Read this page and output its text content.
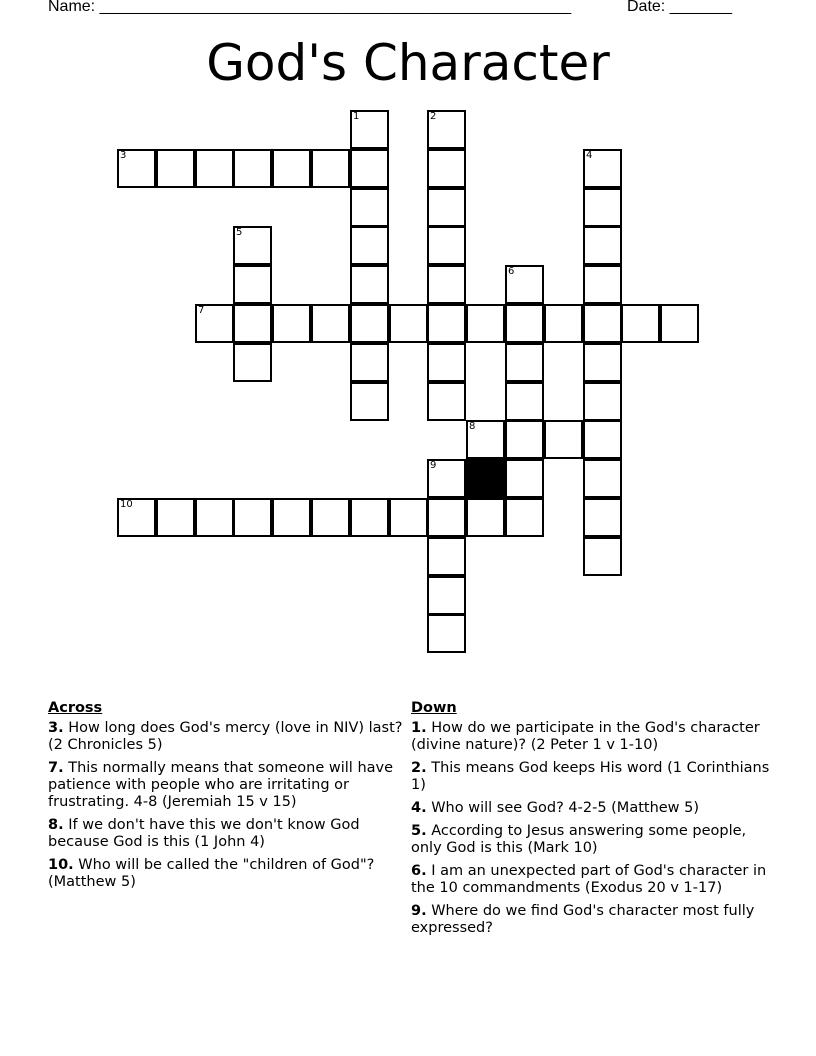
Name: _____________________________________________________	Date: _______
God's Character
1	2
3	4
5
6
7
8
9
10
Across
3. How long does God's mercy (love in NIV) last? (2 Chronicles 5)
7. This normally means that someone will have patience with people who are irritating or frustrating. 4-8 (Jeremiah 15 v 15)
8. If we don't have this we don't know God because God is this (1 John 4)
10. Who will be called the "children of God"? (Matthew 5)
Down
1. How do we participate in the God's character (divine nature)? (2 Peter 1 v 1-10)
2. This means God keeps His word (1 Corinthians 1)
4. Who will see God? 4-2-5 (Matthew 5)
5. According to Jesus answering some people, only God is this (Mark 10)
6. I am an unexpected part of God's character in the 10 commandments (Exodus 20 v 1-17)
9. Where do we find God's character most fully expressed?
